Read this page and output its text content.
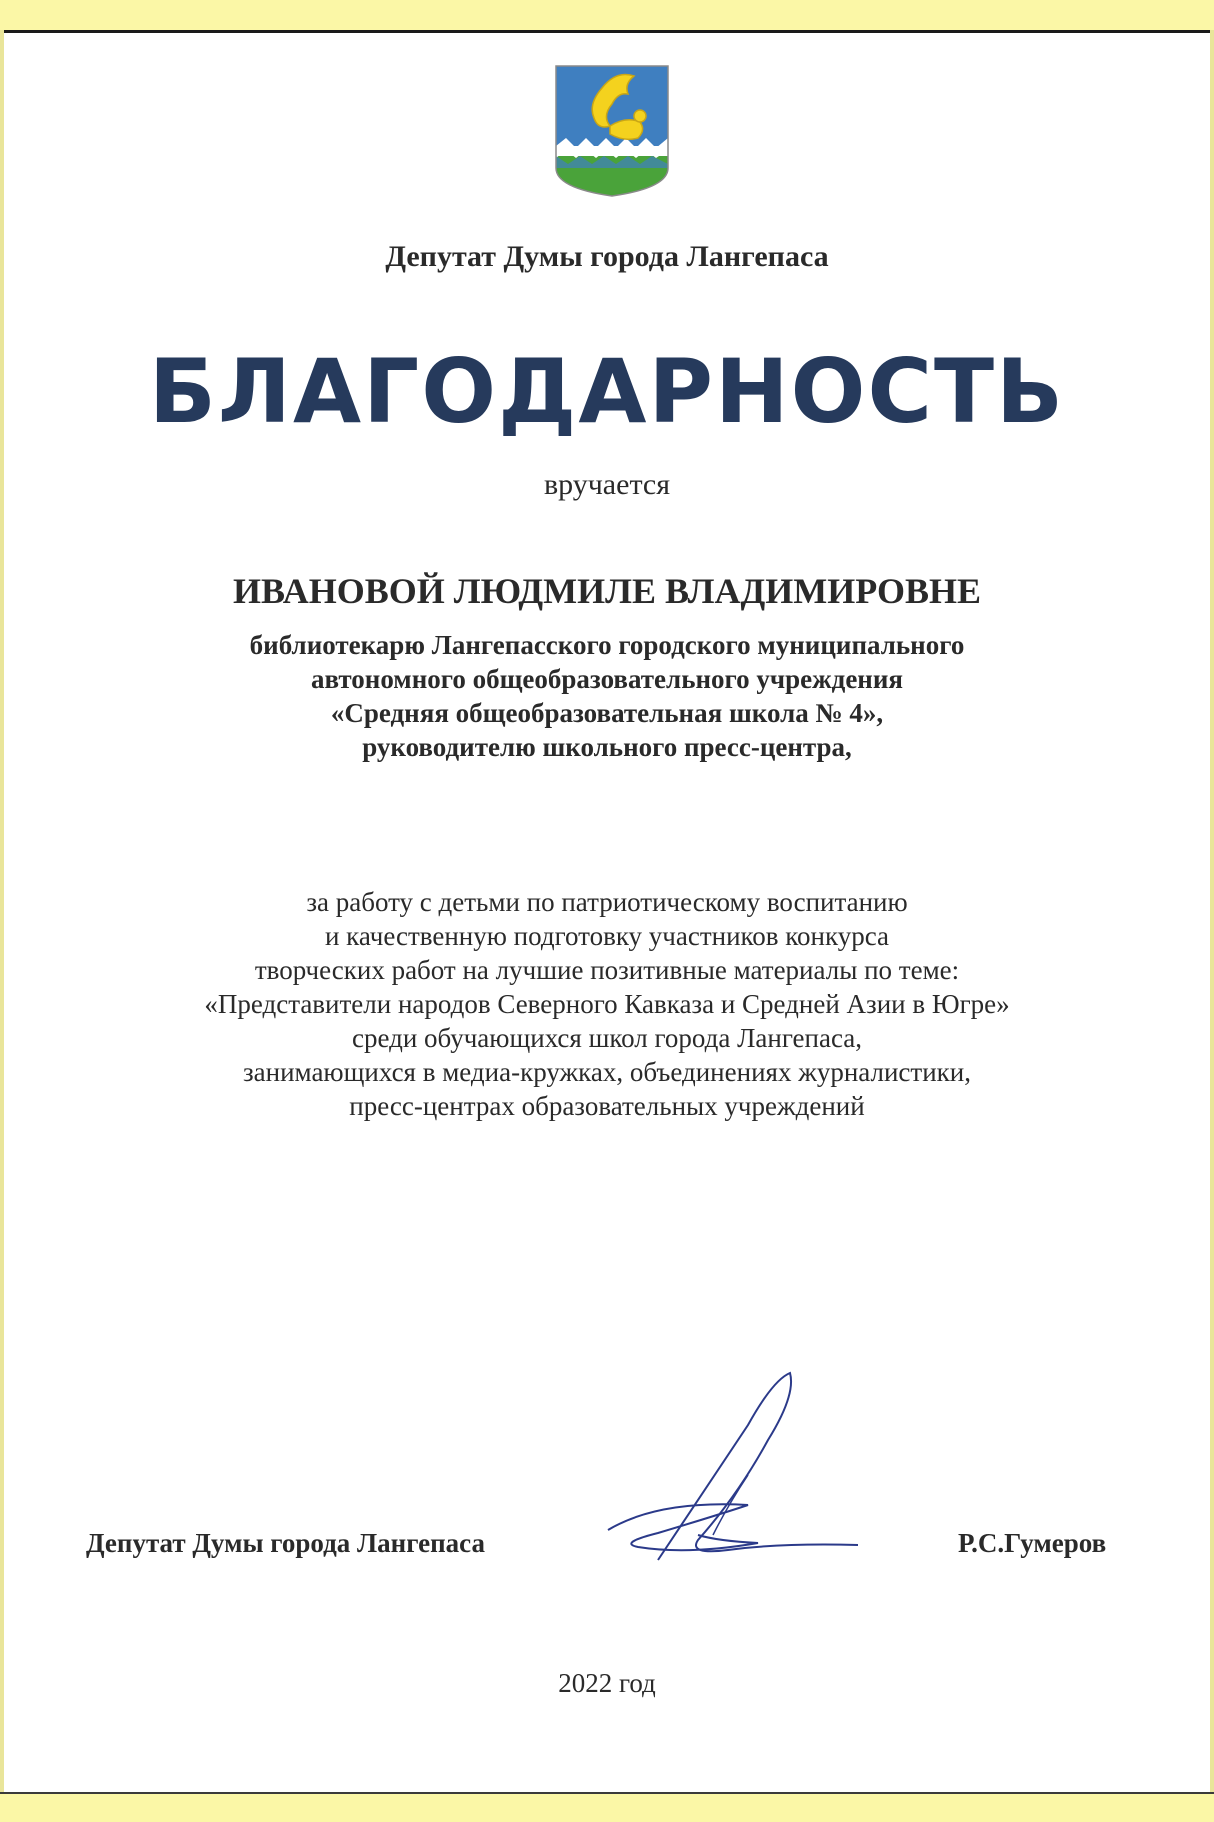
Депутат Думы города Лангепаса
БЛАГОДАРНОСТЬ
вручается
ИВАНОВОЙ ЛЮДМИЛЕ ВЛАДИМИРОВНЕ
библиотекарю Лангепасского городского муниципального
автономного общеобразовательного учреждения
«Средняя общеобразовательная школа № 4»,
руководителю школьного пресс-центра,
за работу с детьми по патриотическому воспитанию
и качественную подготовку участников конкурса
творческих работ на лучшие позитивные материалы по теме:
«Представители народов Северного Кавказа и Средней Азии в Югре»
среди обучающихся школ города Лангепаса,
занимающихся в медиа-кружках, объединениях журналистики,
пресс-центрах образовательных учреждений
Депутат Думы города Лангепаса	Р.С.Гумеров
2022 год
